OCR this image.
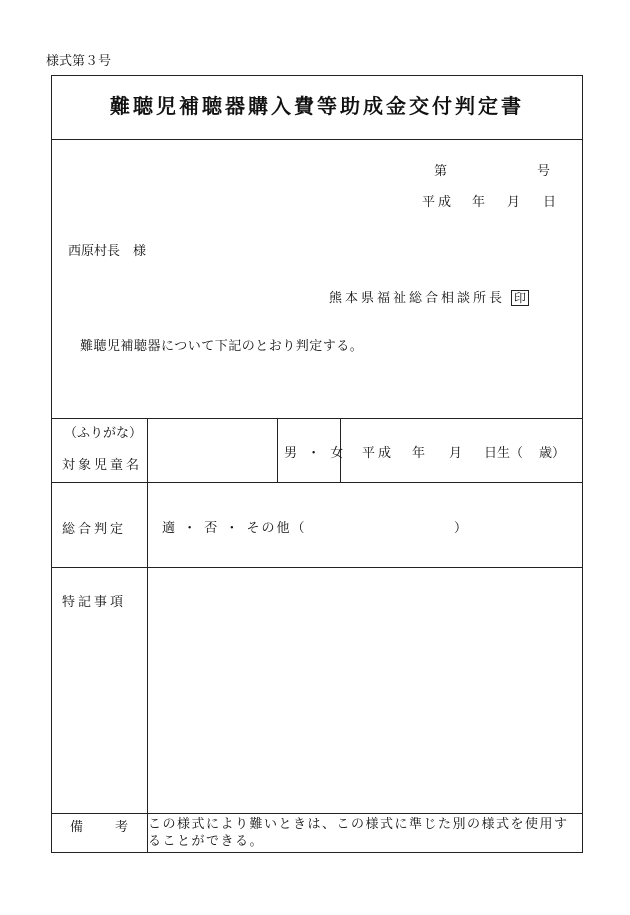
様式第３号
難聴児補聴器購入費等助成金交付判定書
第	号
平成 年 月 日
西原村長　様
熊本県福祉総合相談所長 印
難聴児補聴器について下記のとおり判定する。
（ふりがな）
対象児童名
男 ・ 女 平成 年 月 日生（ 歳）
総合判定	適 ・ 否 ・ その他（	）
特記事項
備 考 この様式により難いときは、この様式に準じた別の様式を使用することができる。
